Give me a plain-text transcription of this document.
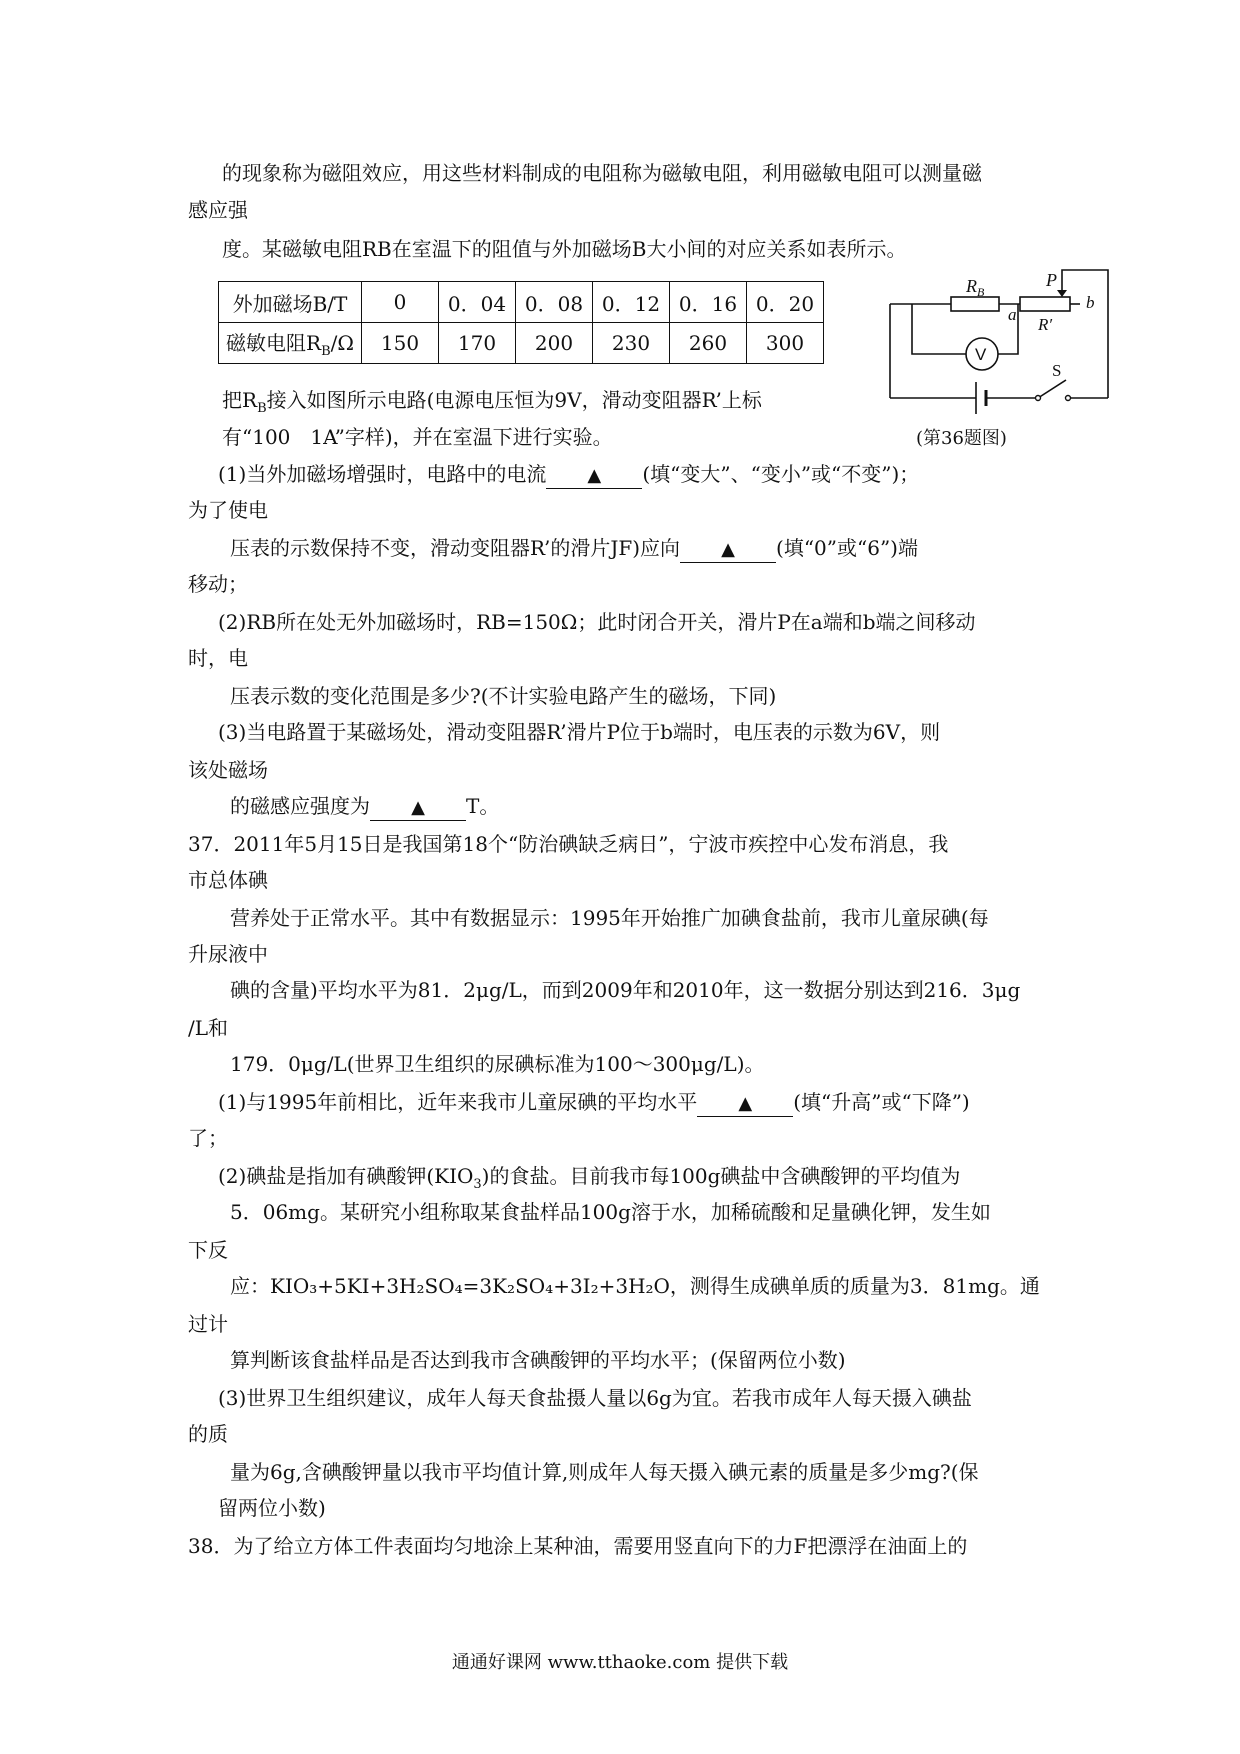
的现象称为磁阻效应，用这些材料制成的电阻称为磁敏电阻，利用磁敏电阻可以测量磁
感应强
度。某磁敏电阻RB在室温下的阻值与外加磁场B大小间的对应关系如表所示。
外加磁场B/T	0	0．04	0．08	0．12	0．16	0．20
磁敏电阻$R_B/\Omega$	150	170	200	230	260	300
$R_B$
P
a
b
R′
S
V
(第36题图)
把$R_B$接入如图所示电路(电源电压恒为9V，滑动变阻器R’上标
有“100　1A”字样)，并在室温下进行实验。
(1)当外加磁场增强时，电路中的电流 ▲ (填“变大”、“变小”或“不变”)；
为了使电
压表的示数保持不变，滑动变阻器R’的滑片JF)应向 ▲ (填“0”或“6”)端
移动；
(2)RB所在处无外加磁场时，RB=150Ω；此时闭合开关，滑片P在a端和b端之间移动
时，电
压表示数的变化范围是多少?(不计实验电路产生的磁场，下同)
(3)当电路置于某磁场处，滑动变阻器R’滑片P位于b端时，电压表的示数为6V，则
该处磁场
的磁感应强度为 ▲ T。
37．2011年5月15日是我国第18个“防治碘缺乏病日”，宁波市疾控中心发布消息，我
市总体碘
营养处于正常水平。其中有数据显示：1995年开始推广加碘食盐前，我市儿童尿碘(每
升尿液中
碘的含量)平均水平为81．2μg/L，而到2009年和2010年，这一数据分别达到216．3μg
/L和
179．0μg/L(世界卫生组织的尿碘标准为100～300μg/L)。
(1)与1995年前相比，近年来我市儿童尿碘的平均水平 ▲ (填“升高”或“下降”)
了；
(2)碘盐是指加有碘酸钾$(KIO_3)$的食盐。目前我市每100g碘盐中含碘酸钾的平均值为
5．06mg。某研究小组称取某食盐样品100g溶于水，加稀硫酸和足量碘化钾，发生如
下反
应：KIO₃+5KI+3H₂SO₄=3K₂SO₄+3I₂+3H₂O，测得生成碘单质的质量为3．81mg。通
过计
算判断该食盐样品是否达到我市含碘酸钾的平均水平；(保留两位小数)
(3)世界卫生组织建议，成年人每天食盐摄人量以6g为宜。若我市成年人每天摄入碘盐
的质
量为6g,含碘酸钾量以我市平均值计算,则成年人每天摄入碘元素的质量是多少mg?(保
留两位小数)
38．为了给立方体工件表面均匀地涂上某种油，需要用竖直向下的力F把漂浮在油面上的
通通好课网 www.tthaoke.com 提供下载
